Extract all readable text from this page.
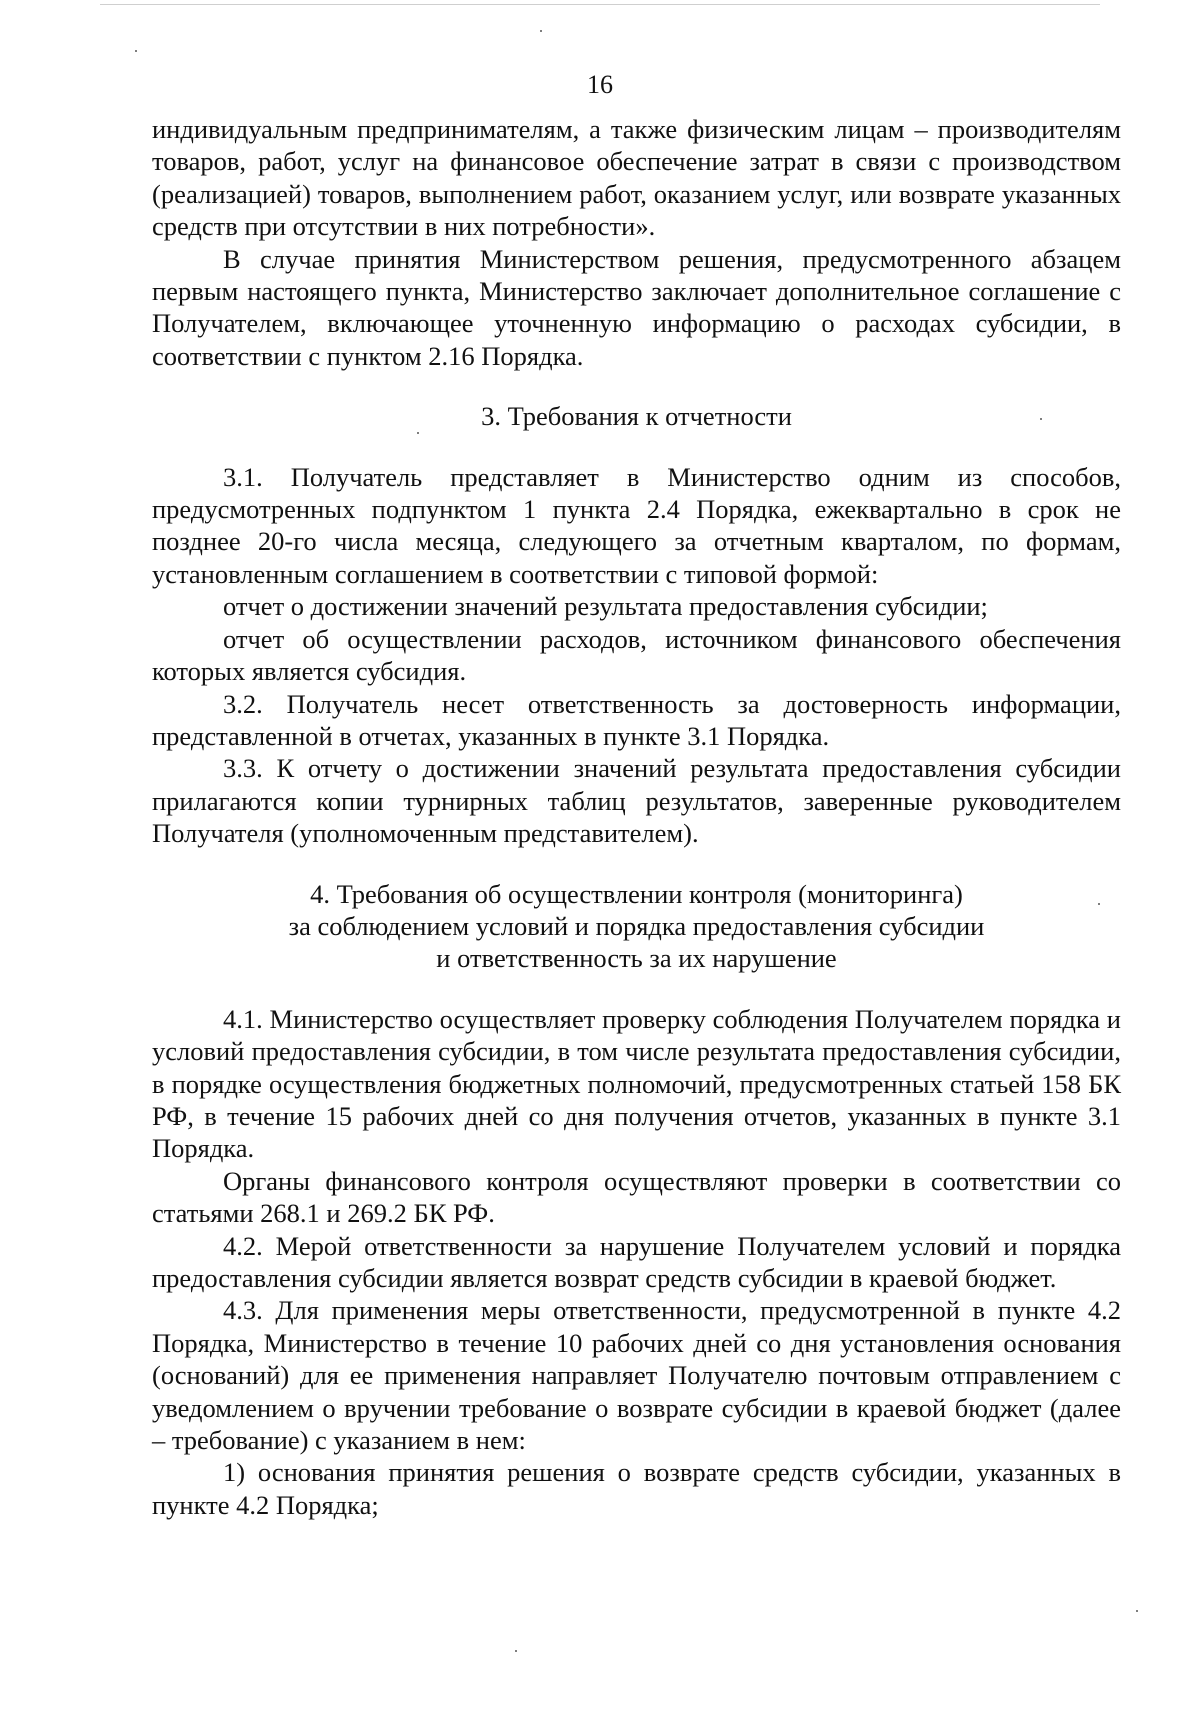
16

индивидуальным предпринимателям, а также физическим лицам – производителям товаров, работ, услуг на финансовое обеспечение затрат в связи с производством (реализацией) товаров, выполнением работ, оказанием услуг, или возврате указанных средств при отсутствии в них потребности».

В случае принятия Министерством решения, предусмотренного абзацем первым настоящего пункта, Министерство заключает дополнительное соглашение с Получателем, включающее уточненную информацию о расходах субсидии, в соответствии с пунктом 2.16 Порядка.

3. Требования к отчетности

3.1. Получатель представляет в Министерство одним из способов, предусмотренных подпунктом 1 пункта 2.4 Порядка, ежеквартально в срок не позднее 20-го числа месяца, следующего за отчетным кварталом, по формам, установленным соглашением в соответствии с типовой формой:

отчет о достижении значений результата предоставления субсидии;

отчет об осуществлении расходов, источником финансового обеспечения которых является субсидия.

3.2. Получатель несет ответственность за достоверность информации, представленной в отчетах, указанных в пункте 3.1 Порядка.

3.3. К отчету о достижении значений результата предоставления субсидии прилагаются копии турнирных таблиц результатов, заверенные руководителем Получателя (уполномоченным представителем).

4. Требования об осуществлении контроля (мониторинга)
за соблюдением условий и порядка предоставления субсидии
и ответственность за их нарушение

4.1. Министерство осуществляет проверку соблюдения Получателем порядка и условий предоставления субсидии, в том числе результата предоставления субсидии, в порядке осуществления бюджетных полномочий, предусмотренных статьей 158 БК РФ, в течение 15 рабочих дней со дня получения отчетов, указанных в пункте 3.1 Порядка.

Органы финансового контроля осуществляют проверки в соответствии со статьями 268.1 и 269.2 БК РФ.

4.2. Мерой ответственности за нарушение Получателем условий и порядка предоставления субсидии является возврат средств субсидии в краевой бюджет.

4.3. Для применения меры ответственности, предусмотренной в пункте 4.2 Порядка, Министерство в течение 10 рабочих дней со дня установления основания (оснований) для ее применения направляет Получателю почтовым отправлением с уведомлением о вручении требование о возврате субсидии в краевой бюджет (далее – требование) с указанием в нем:

1) основания принятия решения о возврате средств субсидии, указанных в пункте 4.2 Порядка;
